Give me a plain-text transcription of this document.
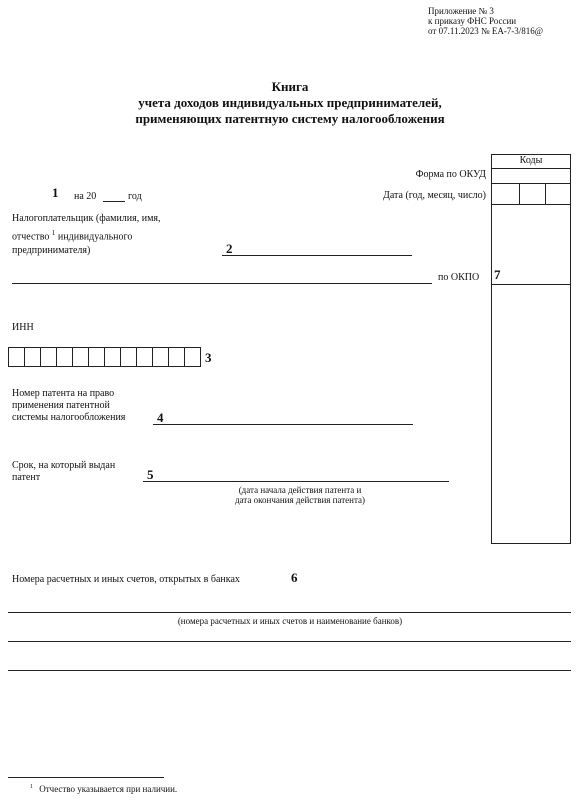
Приложение № 3
к приказу ФНС России
от 07.11.2023 № ЕА-7-3/816@
Книга
учета доходов индивидуальных предпринимателей,
применяющих патентную систему налогообложения
Коды
Форма по ОКУД
Дата (год, месяц, число)
1 на 20	год
Налогоплательщик (фамилия, имя,
отчество $^1$ индивидуального
предпринимателя)	2
по ОКПО 7
ИНН
3
Номер патента на право
применения патентной
системы налогообложения	4
Срок, на который выдан
патент	5
(дата начала действия патента и
дата окончания действия патента)
Номера расчетных и иных счетов, открытых в банках	6
(номера расчетных и иных счетов и наименование банков)
$^1$ Отчество указывается при наличии.
